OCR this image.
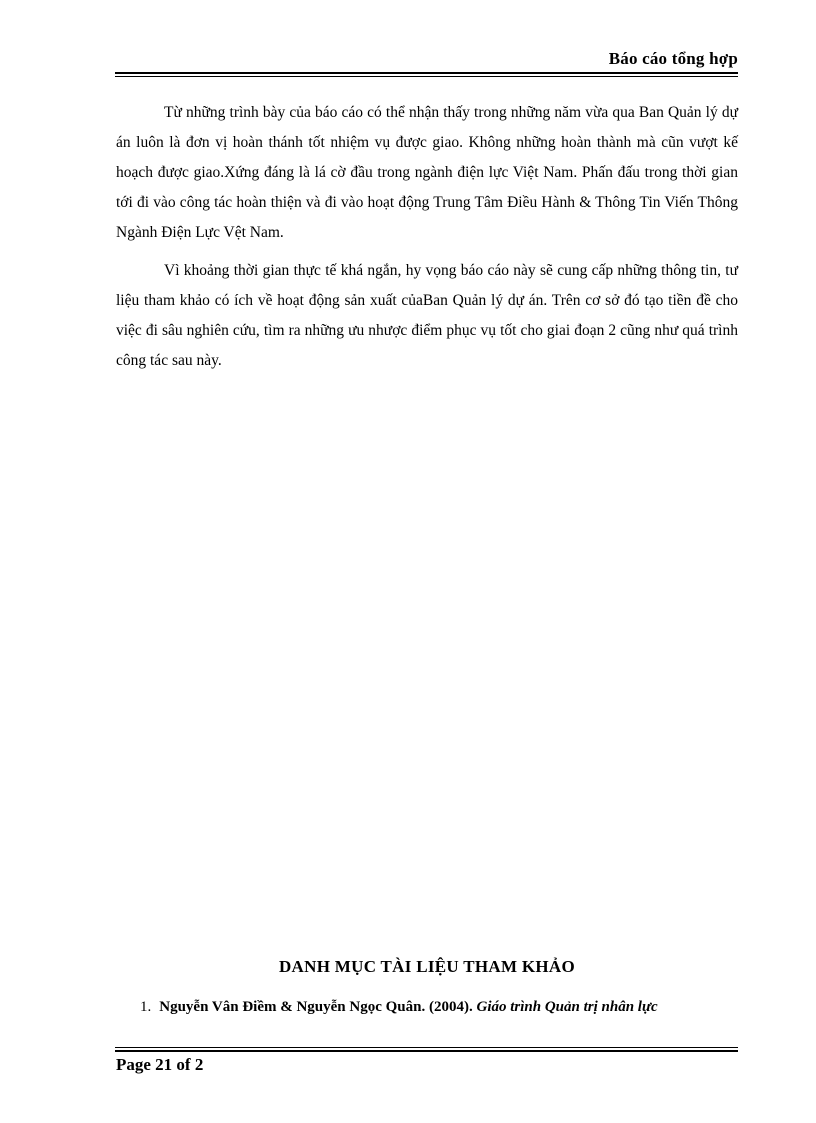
Báo cáo tổng hợp

Từ những trình bày của báo cáo có thể nhận thấy trong những năm vừa qua Ban Quản lý dự án luôn là đơn vị hoàn thánh tốt nhiệm vụ được giao. Không những hoàn thành mà cũn vượt kế hoạch được giao.Xứng đáng là lá cờ đầu trong ngành điện lực Việt Nam. Phấn đấu trong thời gian tới đi vào công tác hoàn thiện và đi vào hoạt động Trung Tâm Điều Hành & Thông Tin Viến Thông Ngành Điện Lực Vệt Nam.

Vì khoảng thời gian thực tế khá ngắn, hy vọng báo cáo này sẽ cung cấp những thông tin, tư liệu tham khảo có ích về hoạt động sản xuất củaBan Quản lý dự án. Trên cơ sở đó tạo tiền đề cho việc đi sâu nghiên cứu, tìm ra những ưu nhược điểm phục vụ tốt cho giai đoạn 2 cũng như quá trình công tác sau này.

DANH MỤC TÀI LIỆU THAM KHẢO
1. Nguyễn Vân Điềm & Nguyễn Ngọc Quân. (2004). Giáo trình Quản trị nhân lực
Page 21 of 2
